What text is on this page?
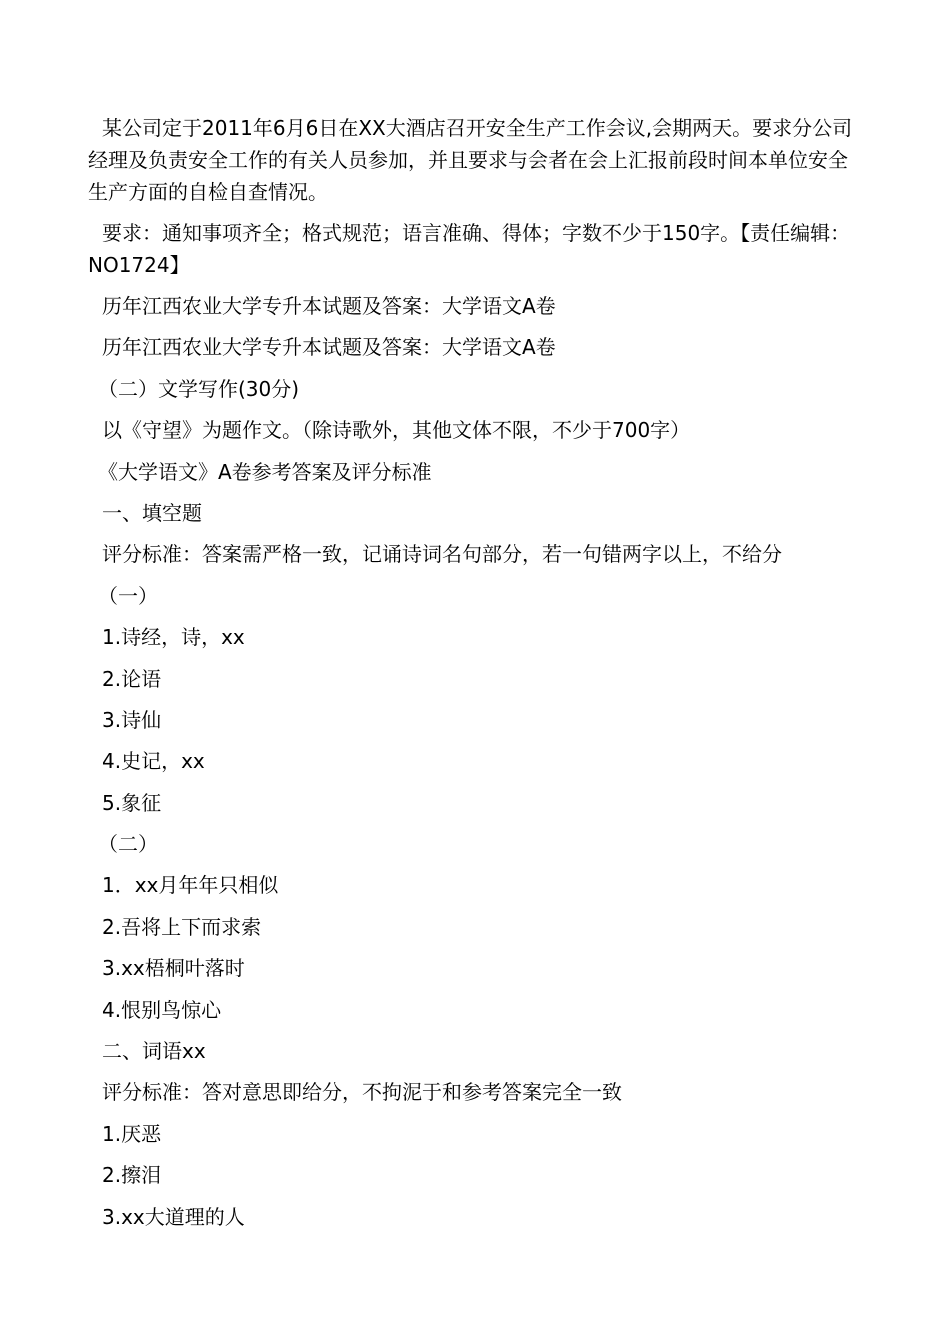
某公司定于2011年6月6日在XX大酒店召开安全生产工作会议,会期两天。要求分公司经理及负责安全工作的有关人员参加，并且要求与会者在会上汇报前段时间本单位安全生产方面的自检自查情况。

要求：通知事项齐全；格式规范；语言准确、得体；字数不少于150字。【责任编辑：NO1724】

历年江西农业大学专升本试题及答案：大学语文A卷
历年江西农业大学专升本试题及答案：大学语文A卷
（二）文学写作(30分)
以《守望》为题作文。（除诗歌外，其他文体不限，不少于700字）
《大学语文》A卷参考答案及评分标准
一、填空题
评分标准：答案需严格一致，记诵诗词名句部分，若一句错两字以上，不给分
（一）
1.诗经，诗，xx
2.论语
3.诗仙
4.史记，xx
5.象征
（二）
1．xx月年年只相似
2.吾将上下而求索
3.xx梧桐叶落时
4.恨别鸟惊心
二、词语xx
评分标准：答对意思即给分，不拘泥于和参考答案完全一致
1.厌恶
2.擦泪
3.xx大道理的人
